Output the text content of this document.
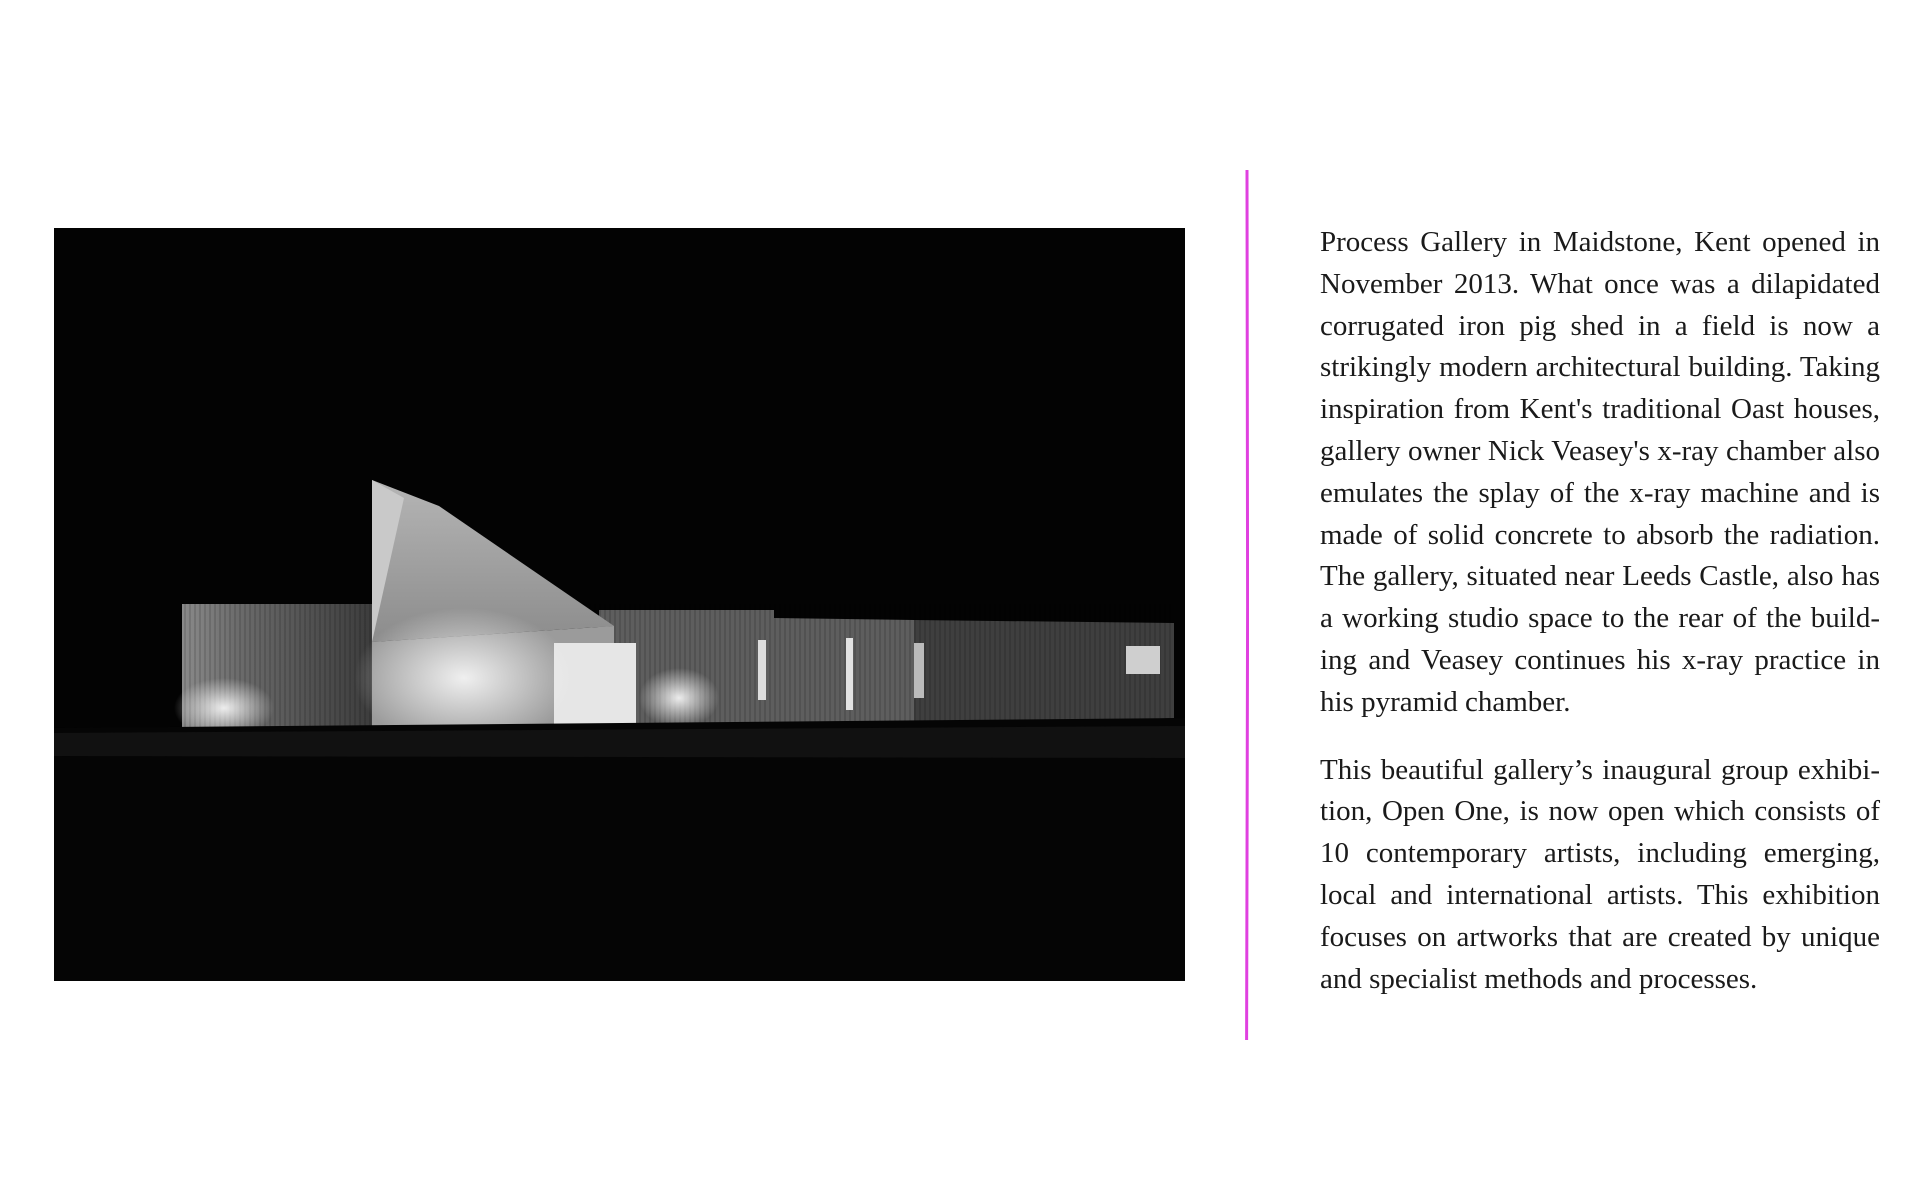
Process Gallery in Maidstone, Kent opened in November 2013. What once was a dilapidated corrugated iron pig shed in a field is now a strikingly modern architectural building. Taking inspiration from Kent's traditional Oast houses, gallery owner Nick Veasey's x-ray chamber also emulates the splay of the x-ray machine and is made of solid concrete to absorb the radiation. The gallery, situated near Leeds Castle, also has a working studio space to the rear of the building and Veasey continues his x-ray practice in his pyramid chamber.

This beautiful gallery’s inaugural group exhibition, Open One, is now open which consists of 10 contemporary artists, including emerging, local and international artists. This exhibition focuses on artworks that are created by unique and specialist methods and processes.
